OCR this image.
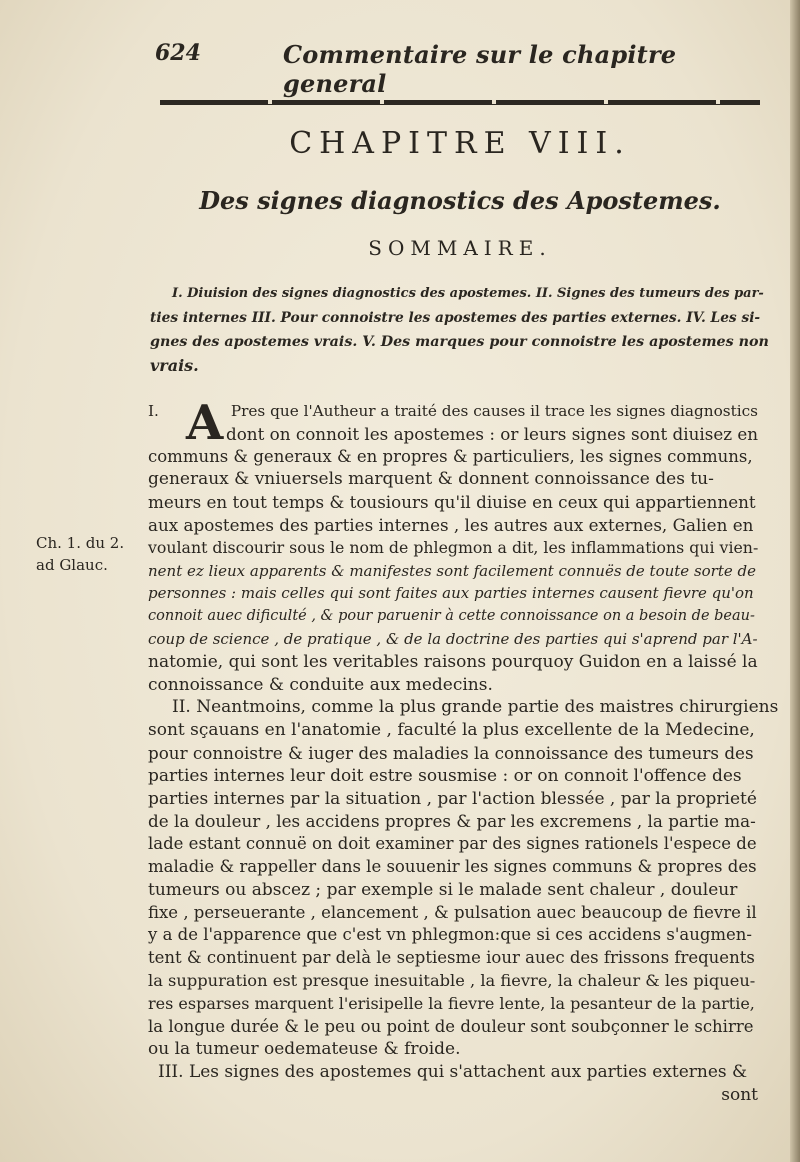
624	Commentaire sur le chapitre general
CHAPITRE VIII.
Des signes diagnostics des Apostemes.
SOMMAIRE.
I. Diuision des signes diagnostics des apostemes. II. Signes des tumeurs des par-
ties internes III. Pour connoistre les apostemes des parties externes. IV. Les si-
gnes des apostemes vrais. V. Des marques pour connoistre les apostemes non
vrais.
Ch. 1. du 2.
ad Glauc.
I. A Pres que l'Autheur a traité des causes il trace les signes diagnostics
dont on connoit les apostemes : or leurs signes sont diuisez en
communs & generaux & en propres & particuliers, les signes communs,
generaux & vniuersels marquent & donnent connoissance des tu-
meurs en tout temps & tousiours qu'il diuise en ceux qui appartiennent
aux apostemes des parties internes , les autres aux externes, Galien en
voulant discourir sous le nom de phlegmon a dit, les inflammations qui vien-
nent ez lieux apparents & manifestes sont facilement connuës de toute sorte de
personnes : mais celles qui sont faites aux parties internes causent fievre qu'on
connoit auec dificulté , & pour paruenir à cette connoissance on a besoin de beau-
coup de science , de pratique , & de la doctrine des parties qui s'aprend par l'A-
natomie, qui sont les veritables raisons pourquoy Guidon en a laissé la
connoissance & conduite aux medecins.
II. Neantmoins, comme la plus grande partie des maistres chirurgiens
sont sçauans en l'anatomie , faculté la plus excellente de la Medecine,
pour connoistre & iuger des maladies la connoissance des tumeurs des
parties internes leur doit estre sousmise : or on connoit l'offence des
parties internes par la situation , par l'action blessée , par la proprieté
de la douleur , les accidens propres & par les excremens , la partie ma-
lade estant connuë on doit examiner par des signes rationels l'espece de
maladie & rappeller dans le souuenir les signes communs & propres des
tumeurs ou abscez ; par exemple si le malade sent chaleur , douleur
fixe , perseuerante , elancement , & pulsation auec beaucoup de fievre il
y a de l'apparence que c'est vn phlegmon:que si ces accidens s'augmen-
tent & continuent par delà le septiesme iour auec des frissons frequents
la suppuration est presque inesuitable , la fievre, la chaleur & les piqueu-
res esparses marquent l'erisipelle la fievre lente, la pesanteur de la partie,
la longue durée & le peu ou point de douleur sont soubçonner le schirre
ou la tumeur oedemateuse & froide.
III. Les signes des apostemes qui s'attachent aux parties externes &
sont
